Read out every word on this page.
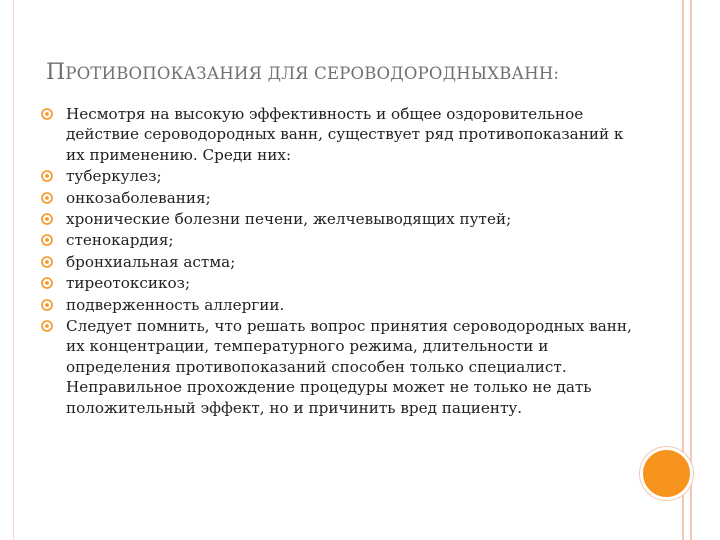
ПРОТИВОПОКАЗАНИЯ ДЛЯ СЕРОВОДОРОДНЫХВАНН:
Несмотря на высокую эффективность и общее оздоровительное действие сероводородных ванн, существует ряд противопоказаний к их применению. Среди них:
туберкулез;
онкозаболевания;
хронические болезни печени, желчевыводящих путей;
стенокардия;
бронхиальная астма;
тиреотоксикоз;
подверженность аллергии.
Следует помнить, что решать вопрос принятия сероводородных ванн, их концентрации, температурного режима, длительности и определения противопоказаний способен только специалист. Неправильное прохождение процедуры может не только не дать положительный эффект, но и причинить вред пациенту.
